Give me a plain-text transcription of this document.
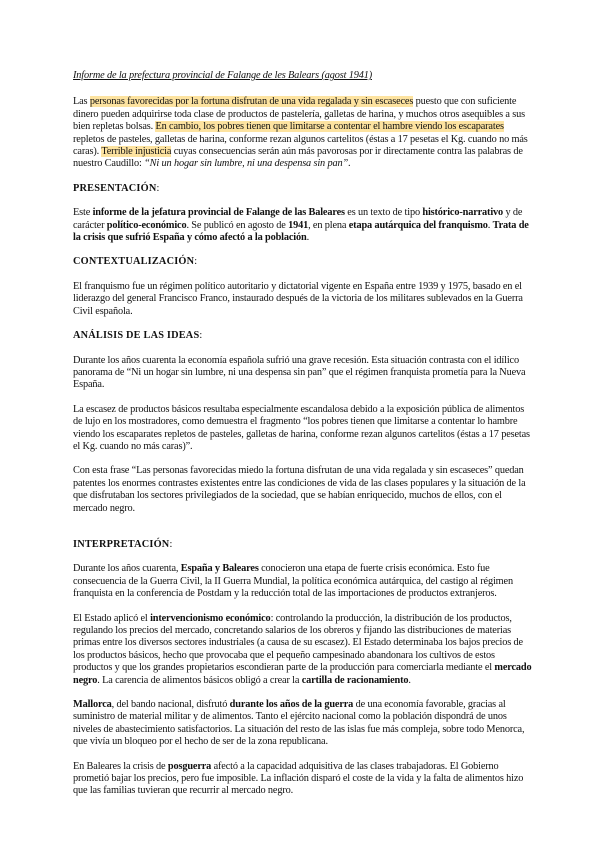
Informe de la prefectura provincial de Falange de les Balears (agost 1941)

Las personas favorecidas por la fortuna disfrutan de una vida regalada y sin escaseces puesto que con suficiente dinero pueden adquirirse toda clase de productos de pastelería, galletas de harina, y muchos otros asequibles a sus bien repletas bolsas. En cambio, los pobres tienen que limitarse a contentar el hambre viendo los escaparates repletos de pasteles, galletas de harina, conforme rezan algunos cartelitos (éstas a 17 pesetas el Kg. cuando no más caras). Terrible injusticia cuyas consecuencias serán aún más pavorosas por ir directamente contra las palabras de nuestro Caudillo: “Ni un hogar sin lumbre, ni una despensa sin pan”.

PRESENTACIÓN:

Este informe de la jefatura provincial de Falange de las Baleares es un texto de tipo histórico-narrativo y de carácter político-económico. Se publicó en agosto de 1941, en plena etapa autárquica del franquismo. Trata de la crisis que sufrió España y cómo afectó a la población.

CONTEXTUALIZACIÓN:

El franquismo fue un régimen político autoritario y dictatorial vigente en España entre 1939 y 1975, basado en el liderazgo del general Francisco Franco, instaurado después de la victoria de los militares sublevados en la Guerra Civil española.

ANÁLISIS DE LAS IDEAS:

Durante los años cuarenta la economía española sufrió una grave recesión. Esta situación contrasta con el idílico panorama de “Ni un hogar sin lumbre, ni una despensa sin pan” que el régimen franquista prometía para la Nueva España.

La escasez de productos básicos resultaba especialmente escandalosa debido a la exposición pública de alimentos de lujo en los mostradores, como demuestra el fragmento “los pobres tienen que limitarse a contentar lo hambre viendo los escaparates repletos de pasteles, galletas de harina, conforme rezan algunos cartelitos (éstas a 17 pesetas el Kg. cuando no más caras)”.

Con esta frase “Las personas favorecidas miedo la fortuna disfrutan de una vida regalada y sin escaseces” quedan patentes los enormes contrastes existentes entre las condiciones de vida de las clases populares y la situación de la que disfrutaban los sectores privilegiados de la sociedad, que se habían enriquecido, muchos de ellos, con el mercado negro.

INTERPRETACIÓN:

Durante los años cuarenta, España y Baleares conocieron una etapa de fuerte crisis económica. Esto fue consecuencia de la Guerra Civil, la II Guerra Mundial, la política económica autárquica, del castigo al régimen franquista en la conferencia de Postdam y la reducción total de las importaciones de productos extranjeros.

El Estado aplicó el intervencionismo económico: controlando la producción, la distribución de los productos, regulando los precios del mercado, concretando salarios de los obreros y fijando las distribuciones de materias primas entre los diversos sectores industriales (a causa de su escasez). El Estado determinaba los bajos precios de los productos básicos, hecho que provocaba que el pequeño campesinado abandonara los cultivos de estos productos y que los grandes propietarios escondieran parte de la producción para comerciarla mediante el mercado negro. La carencia de alimentos básicos obligó a crear la cartilla de racionamiento.

Mallorca, del bando nacional, disfrutó durante los años de la guerra de una economía favorable, gracias al suministro de material militar y de alimentos. Tanto el ejército nacional como la población dispondrá de unos niveles de abastecimiento satisfactorios. La situación del resto de las islas fue más compleja, sobre todo Menorca, que vivía un bloqueo por el hecho de ser de la zona republicana.

En Baleares la crisis de posguerra afectó a la capacidad adquisitiva de las clases trabajadoras. El Gobierno prometió bajar los precios, pero fue imposible. La inflación disparó el coste de la vida y la falta de alimentos hizo que las familias tuvieran que recurrir al mercado negro.
